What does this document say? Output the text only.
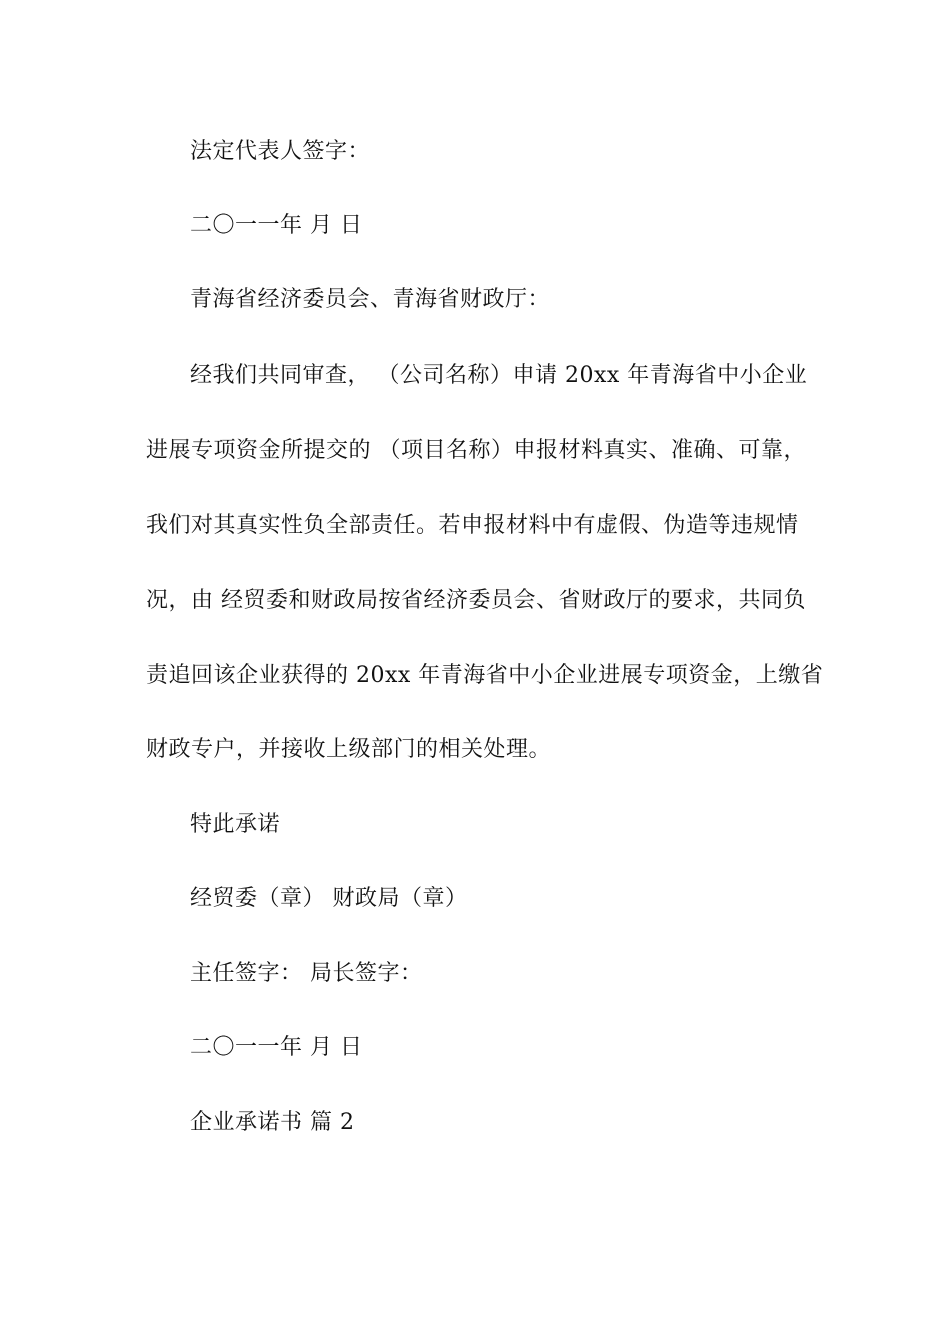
法定代表人签字：
二〇一一年 月 日
青海省经济委员会、青海省财政厅：
经我们共同审查， （公司名称）申请 20xx 年青海省中小企业
进展专项资金所提交的 （项目名称）申报材料真实、准确、可靠，
我们对其真实性负全部责任。若申报材料中有虚假、伪造等违规情
况，由 经贸委和财政局按省经济委员会、省财政厅的要求，共同负
责追回该企业获得的 20xx 年青海省中小企业进展专项资金，上缴省
财政专户，并接收上级部门的相关处理。
特此承诺
经贸委（章） 财政局（章）
主任签字： 局长签字：
二〇一一年 月 日
企业承诺书 篇 2
